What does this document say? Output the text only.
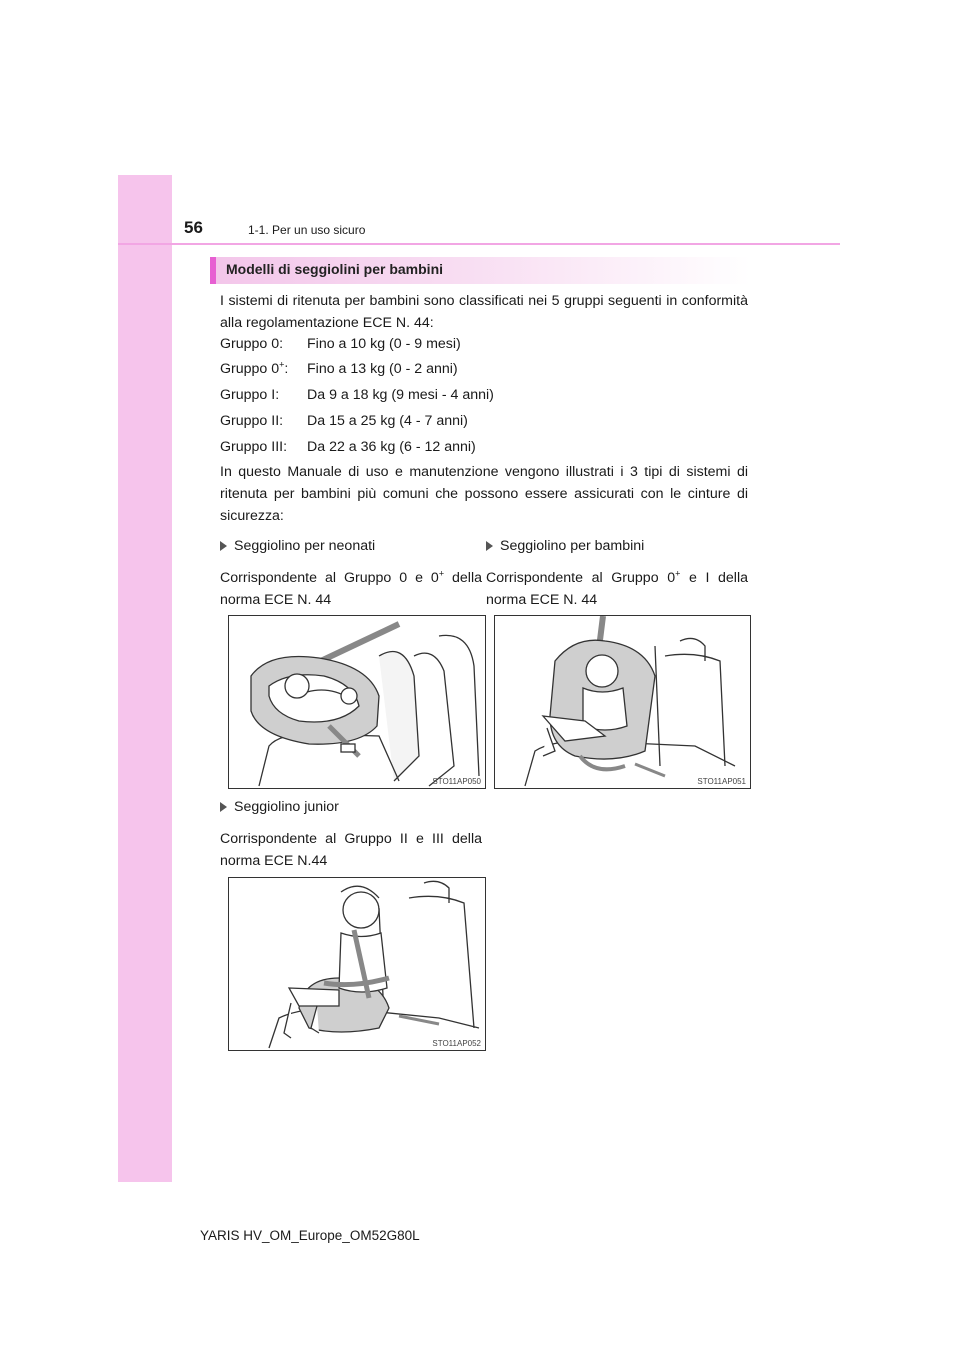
56	1-1. Per un uso sicuro
Modelli di seggiolini per bambini
I sistemi di ritenuta per bambini sono classificati nei 5 gruppi seguenti in conformità alla regolamentazione ECE N. 44:
Gruppo 0: Fino a 10 kg (0 - 9 mesi)
Gruppo 0+: Fino a 13 kg (0 - 2 anni)
Gruppo I: Da 9 a 18 kg (9 mesi - 4 anni)
Gruppo II: Da 15 a 25 kg (4 - 7 anni)
Gruppo III: Da 22 a 36 kg (6 - 12 anni)
In questo Manuale di uso e manutenzione vengono illustrati i 3 tipi di sistemi di ritenuta per bambini più comuni che possono essere assicurati con le cinture di sicurezza:
Seggiolino per neonati
Corrispondente al Gruppo 0 e 0+ della norma ECE N. 44
Seggiolino per bambini
Corrispondente al Gruppo 0+ e I della norma ECE N. 44
STO11AP050	STO11AP051
Seggiolino junior
Corrispondente al Gruppo II e III della norma ECE N.44
STO11AP052
YARIS HV_OM_Europe_OM52G80L
